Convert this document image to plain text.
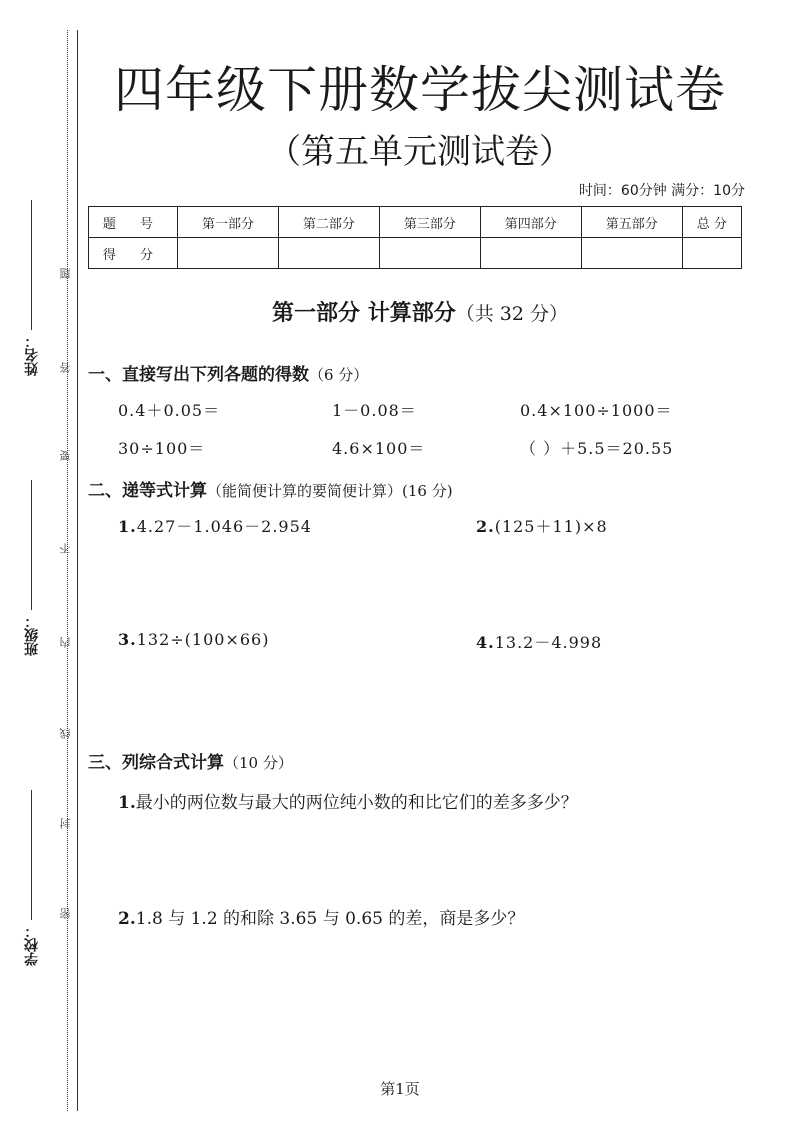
姓名：
班级：
学校：
题
答
要
不
内
线
封
密
四年级下册数学拔尖测试卷
（第五单元测试卷）
时间：60分钟 满分：10分
题 号	第一部分	第二部分	第三部分	第四部分	第五部分	总 分
得 分						
第一部分 计算部分（共 32 分）
一、直接写出下列各题的得数（6 分）
0.4＋0.05＝	1－0.08＝	0.4×100÷1000＝
30÷100＝	4.6×100＝	（ ）＋5.5＝20.55
二、递等式计算（能简便计算的要简便计算）(16 分)
1.4.27－1.046－2.954	2.(125＋11)×8
3.132÷(100×66)	4.13.2－4.998
三、列综合式计算（10 分）
1.最小的两位数与最大的两位纯小数的和比它们的差多多少？
2.1.8 与 1.2 的和除 3.65 与 0.65 的差，商是多少？
第1页
